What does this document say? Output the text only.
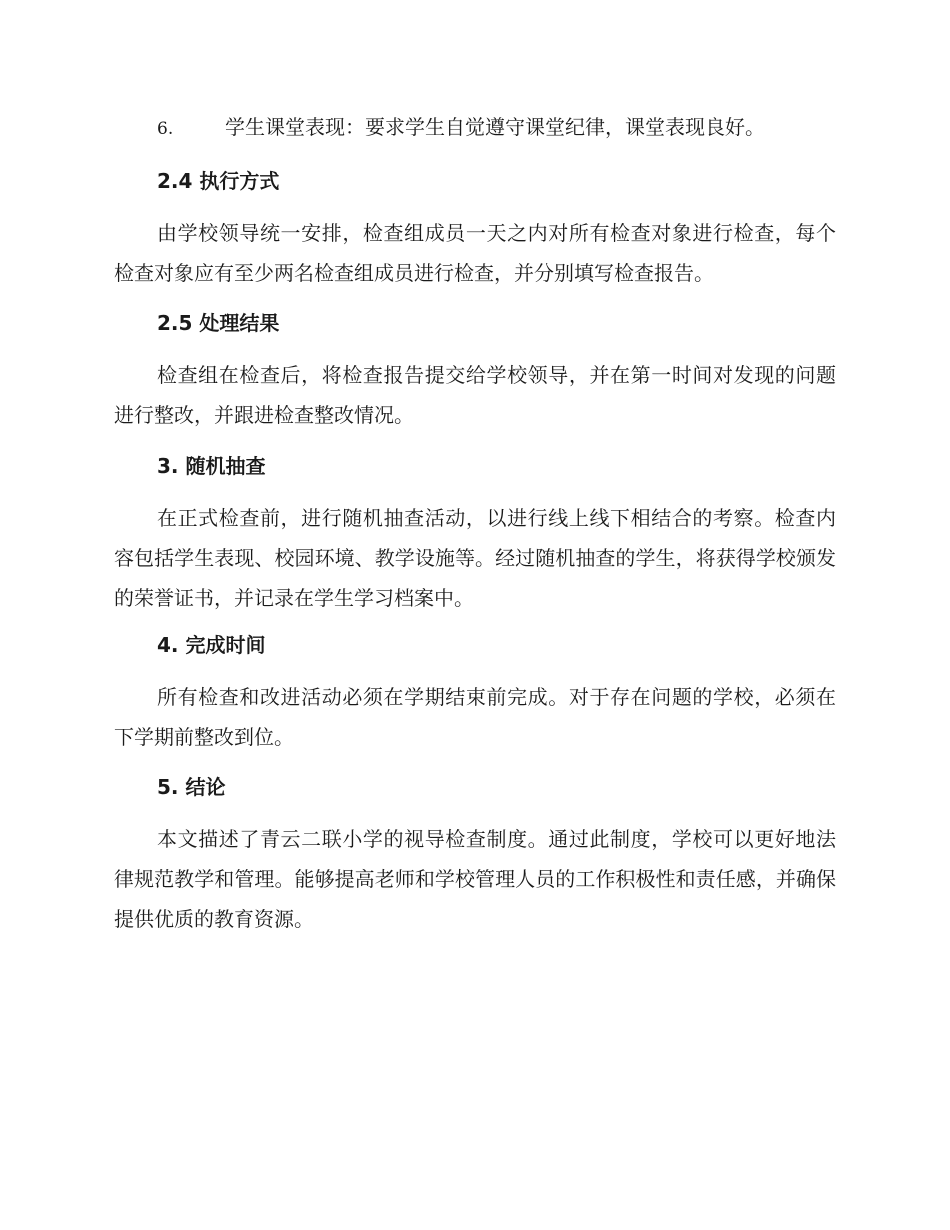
6.	学生课堂表现：要求学生自觉遵守课堂纪律，课堂表现良好。
2.4 执行方式
由学校领导统一安排，检查组成员一天之内对所有检查对象进行检查，每个检查对象应有至少两名检查组成员进行检查，并分别填写检查报告。
2.5 处理结果
检查组在检查后，将检查报告提交给学校领导，并在第一时间对发现的问题进行整改，并跟进检查整改情况。
3. 随机抽查
在正式检查前，进行随机抽查活动，以进行线上线下相结合的考察。检查内容包括学生表现、校园环境、教学设施等。经过随机抽查的学生，将获得学校颁发的荣誉证书，并记录在学生学习档案中。
4. 完成时间
所有检查和改进活动必须在学期结束前完成。对于存在问题的学校，必须在下学期前整改到位。
5. 结论
本文描述了青云二联小学的视导检查制度。通过此制度，学校可以更好地法律规范教学和管理。能够提高老师和学校管理人员的工作积极性和责任感，并确保提供优质的教育资源。
